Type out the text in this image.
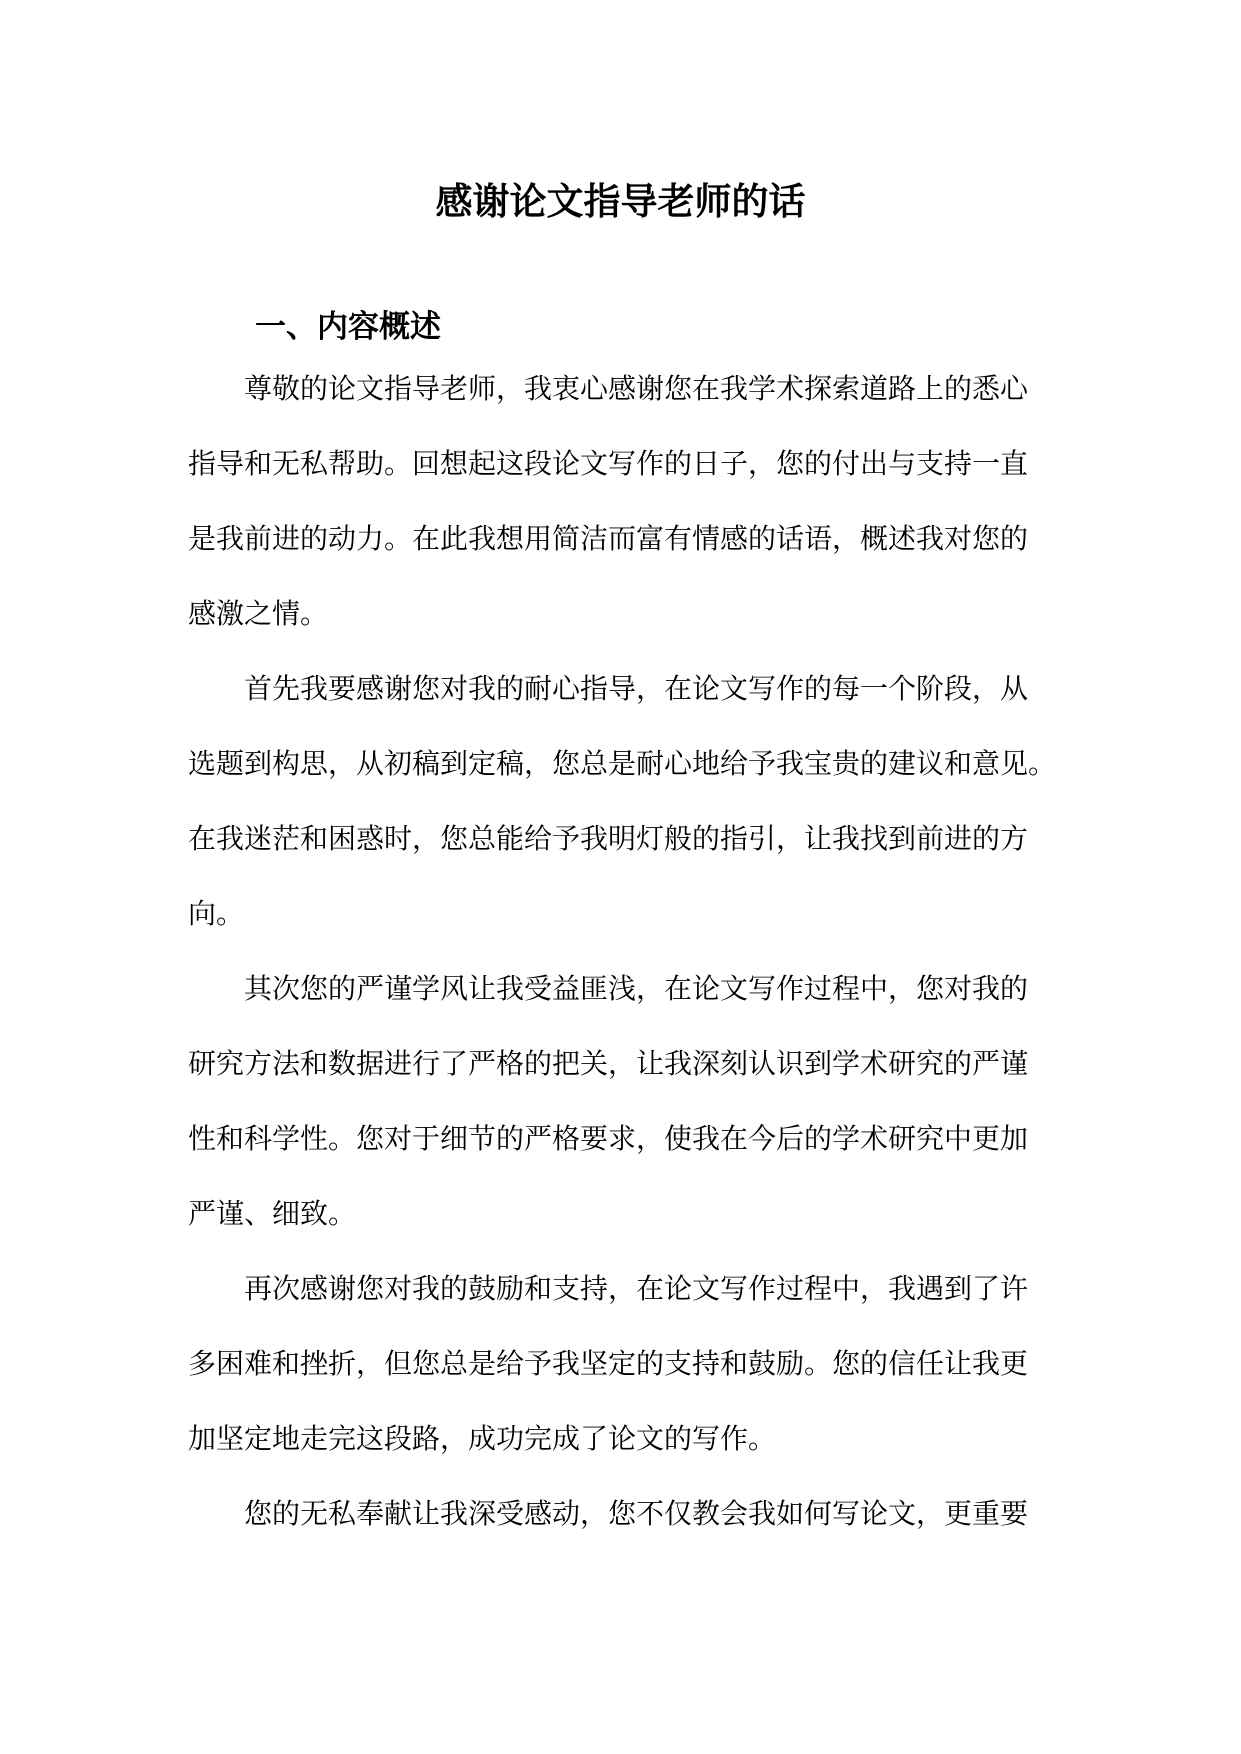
感谢论文指导老师的话
一、内容概述
尊敬的论文指导老师，我衷心感谢您在我学术探索道路上的悉心
指导和无私帮助。回想起这段论文写作的日子，您的付出与支持一直
是我前进的动力。在此我想用简洁而富有情感的话语，概述我对您的
感激之情。
首先我要感谢您对我的耐心指导，在论文写作的每一个阶段，从
选题到构思，从初稿到定稿，您总是耐心地给予我宝贵的建议和意见。
在我迷茫和困惑时，您总能给予我明灯般的指引，让我找到前进的方
向。
其次您的严谨学风让我受益匪浅，在论文写作过程中，您对我的
研究方法和数据进行了严格的把关，让我深刻认识到学术研究的严谨
性和科学性。您对于细节的严格要求，使我在今后的学术研究中更加
严谨、细致。
再次感谢您对我的鼓励和支持，在论文写作过程中，我遇到了许
多困难和挫折，但您总是给予我坚定的支持和鼓励。您的信任让我更
加坚定地走完这段路，成功完成了论文的写作。
您的无私奉献让我深受感动，您不仅教会我如何写论文，更重要
